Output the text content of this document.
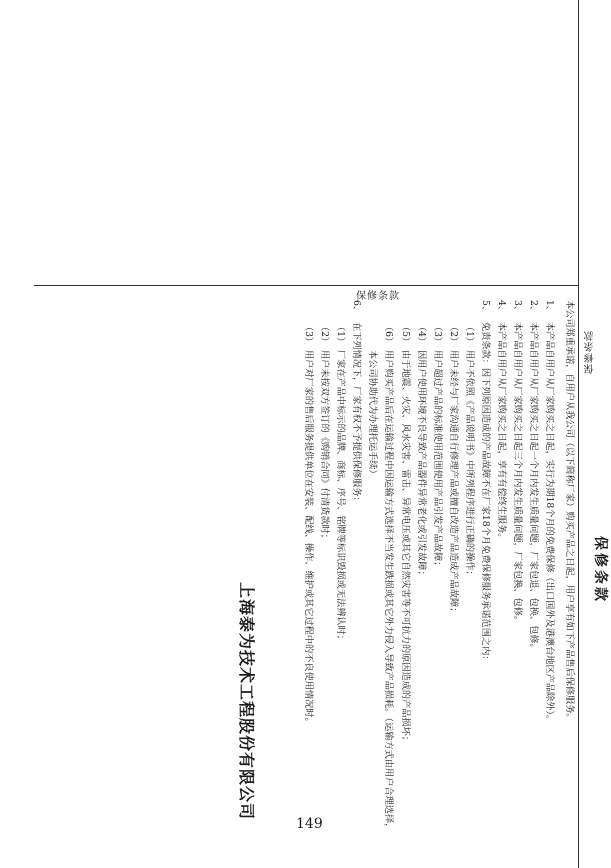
保修条款
保修条款
保修条款

本公司郑重承诺，自用户从我公司（以下简称厂家）购买产品之日起，用户享有如下产品售后保修服务。

1、
本产品自用户从厂家购买之日起，实行为期18个月的免费保修（出口国外及港澳台地区产品除外）。
2、
本产品自用户从厂家购买之日起一个月内发生质量问题，厂家包退、包换、包修。
3、
本产品自用户从厂家购买之日起三个月内发生质量问题，厂家包换、包修。
4、
本产品自用户从厂家购买之日起，享有有偿终生服务。
5、
免责条款：因下列原因造成的产品故障不在厂家18个月免费保修服务承诺范围之内：
（1）
用户不依照《产品说明书》中所列程序进行正确的操作；
（2）
用户未经与厂家沟通自行修理产品或擅自改造产品造成产品故障；
（3）
用户超过产品的标准使用范围使用产品引发产品故障；
（4）
因用户使用环境不良导致产品器件异常老化或引发故障；
（5）
由于地震、火灾、风水灾害、雷击、异常电压或其它自然灾害等不可抗力的原因造成的产品损坏；
（6）
用户购买产品后在运输过程中因运输方式选择不当发生跌损或其它外力侵入导致产品损耗。（运输方式由用户合理选择，本公司协助代为办理托运手续）
6、
在下列情况下，厂家有权不予提供保修服务：
（1）
厂家在产品中标示的品牌、商标、序号、铭牌等标识毁损或无法辨认时；
（2）
用户未按双方签订的《购销合同》付清货款时；
（3）
用户对厂家的售后服务提供单位在安装、配线、操作、维护或其它过程中的不良使用情况时。
上海泰为技术工程股份有限公司
149
